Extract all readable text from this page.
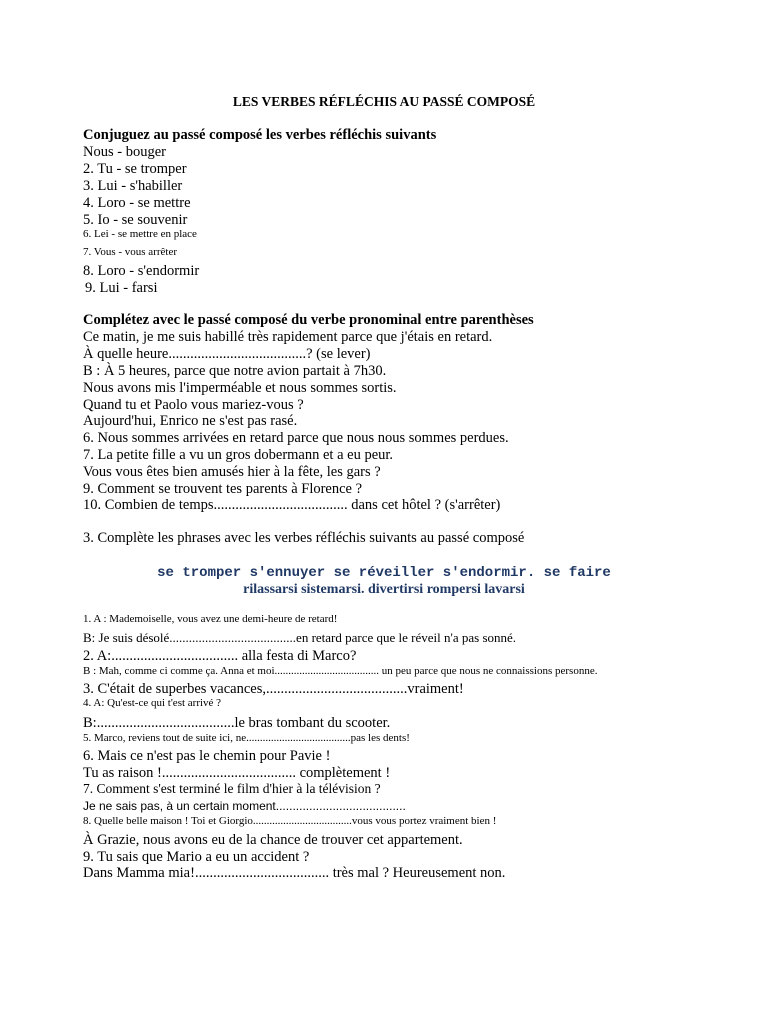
LES VERBES RÉFLÉCHIS AU PASSÉ COMPOSÉ
Conjuguez au passé composé les verbes réfléchis suivants
Nous - bouger
2. Tu - se tromper
3. Lui - s'habiller
4. Loro - se mettre
5. Io - se souvenir
6. Lei - se mettre en place
7. Vous - vous arrêter
8. Loro - s'endormir
9. Lui - farsi
Complétez avec le passé composé du verbe pronominal entre parenthèses
Ce matin, je me suis habillé très rapidement parce que j'étais en retard.
À quelle heure......................................? (se lever)
B : À 5 heures, parce que notre avion partait à 7h30.
Nous avons mis l'imperméable et nous sommes sortis.
Quand tu et Paolo vous mariez-vous ?
Aujourd'hui, Enrico ne s'est pas rasé.
6. Nous sommes arrivées en retard parce que nous nous sommes perdues.
7. La petite fille a vu un gros dobermann et a eu peur.
Vous vous êtes bien amusés hier à la fête, les gars ?
9. Comment se trouvent tes parents à Florence ?
10. Combien de temps..................................... dans cet hôtel ? (s'arrêter)
3. Complète les phrases avec les verbes réfléchis suivants au passé composé
se tromper s'ennuyer se réveiller s'endormir. se faire
rilassarsi sistemarsi. divertirsi rompersi lavarsi
1. A : Mademoiselle, vous avez une demi-heure de retard!
B: Je suis désolé.......................................en retard parce que le réveil n'a pas sonné.
2. A:................................... alla festa di Marco?
B : Mah, comme ci comme ça. Anna et moi...................................... un peu parce que nous ne connaissions personne.
3. C'était de superbes vacances,.......................................vraiment!
4. A: Qu'est-ce qui t'est arrivé ?
B:......................................le bras tombant du scooter.
5. Marco, reviens tout de suite ici, ne......................................pas les dents!
6. Mais ce n'est pas le chemin pour Pavie !
Tu as raison !..................................... complètement !
7. Comment s'est terminé le film d'hier à la télévision ?
Je ne sais pas, à un certain moment.......................................
8. Quelle belle maison ! Toi et Giorgio....................................vous vous portez vraiment bien !
À Grazie, nous avons eu de la chance de trouver cet appartement.
9. Tu sais que Mario a eu un accident ?
Dans Mamma mia!..................................... très mal ? Heureusement non.
